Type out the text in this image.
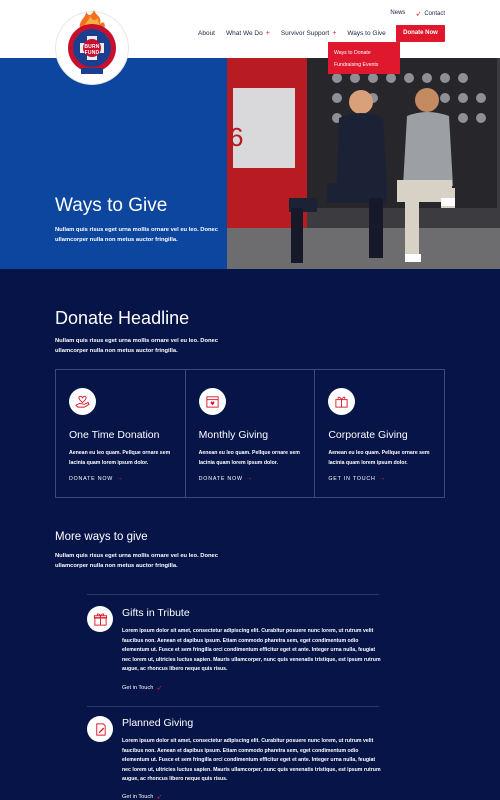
News ➶ Contact
About What We Do + Survivor Support + Ways to Give	Donate Now
Ways to Donate
Fundraising Events
BURN
FUND
6
Ways to Give
Nullam quis risus eget urna mollis ornare vel eu leo. Donec ullamcorper nulla non metus auctor fringilla.
Donate Headline
Nullam quis risus eget urna mollis ornare vel eu leo. Donec ullamcorper nulla non metus auctor fringilla.
One Time Donation
Aenean eu leo quam. Pellque ornare sem lacinia quam lorem ipsum dolor.
DONATE NOW →
Monthly Giving
Aenean eu leo quam. Pellque ornare sem lacinia quam lorem ipsum dolor.
DONATE NOW →
Corporate Giving
Aenean eu leo quam. Pellque ornare sem lacinia quam lorem ipsum dolor.
GET IN TOUCH →
More ways to give
Nullam quis risus eget urna mollis ornare vel eu leo. Donec ullamcorper nulla non metus auctor fringilla.
Gifts in Tribute
Lorem ipsum dolor sit amet, consectetur adipiscing elit. Curabitur posuere nunc lorem, ut rutrum velit faucibus non. Aenean et dapibus ipsum. Etiam commodo pharetra sem, eget condimentum odio elementum ut. Fusce et sem fringilla orci condimentum efficitur eget et ante. Integer urna nulla, feugiat nec lorem ut, ultricies luctus sapien. Mauris ullamcorper, nunc quis venenatis tristique, est ipsum rutrum augue, ac rhoncus libero neque quis risus.
Get in Touch ➶
Planned Giving
Lorem ipsum dolor sit amet, consectetur adipiscing elit. Curabitur posuere nunc lorem, ut rutrum velit faucibus non. Aenean et dapibus ipsum. Etiam commodo pharetra sem, eget condimentum odio elementum ut. Fusce et sem fringilla orci condimentum efficitur eget et ante. Integer urna nulla, feugiat nec lorem ut, ultricies luctus sapien. Mauris ullamcorper, nunc quis venenatis tristique, est ipsum rutrum augue, ac rhoncus libero neque quis risus.
Get in Touch ➶
